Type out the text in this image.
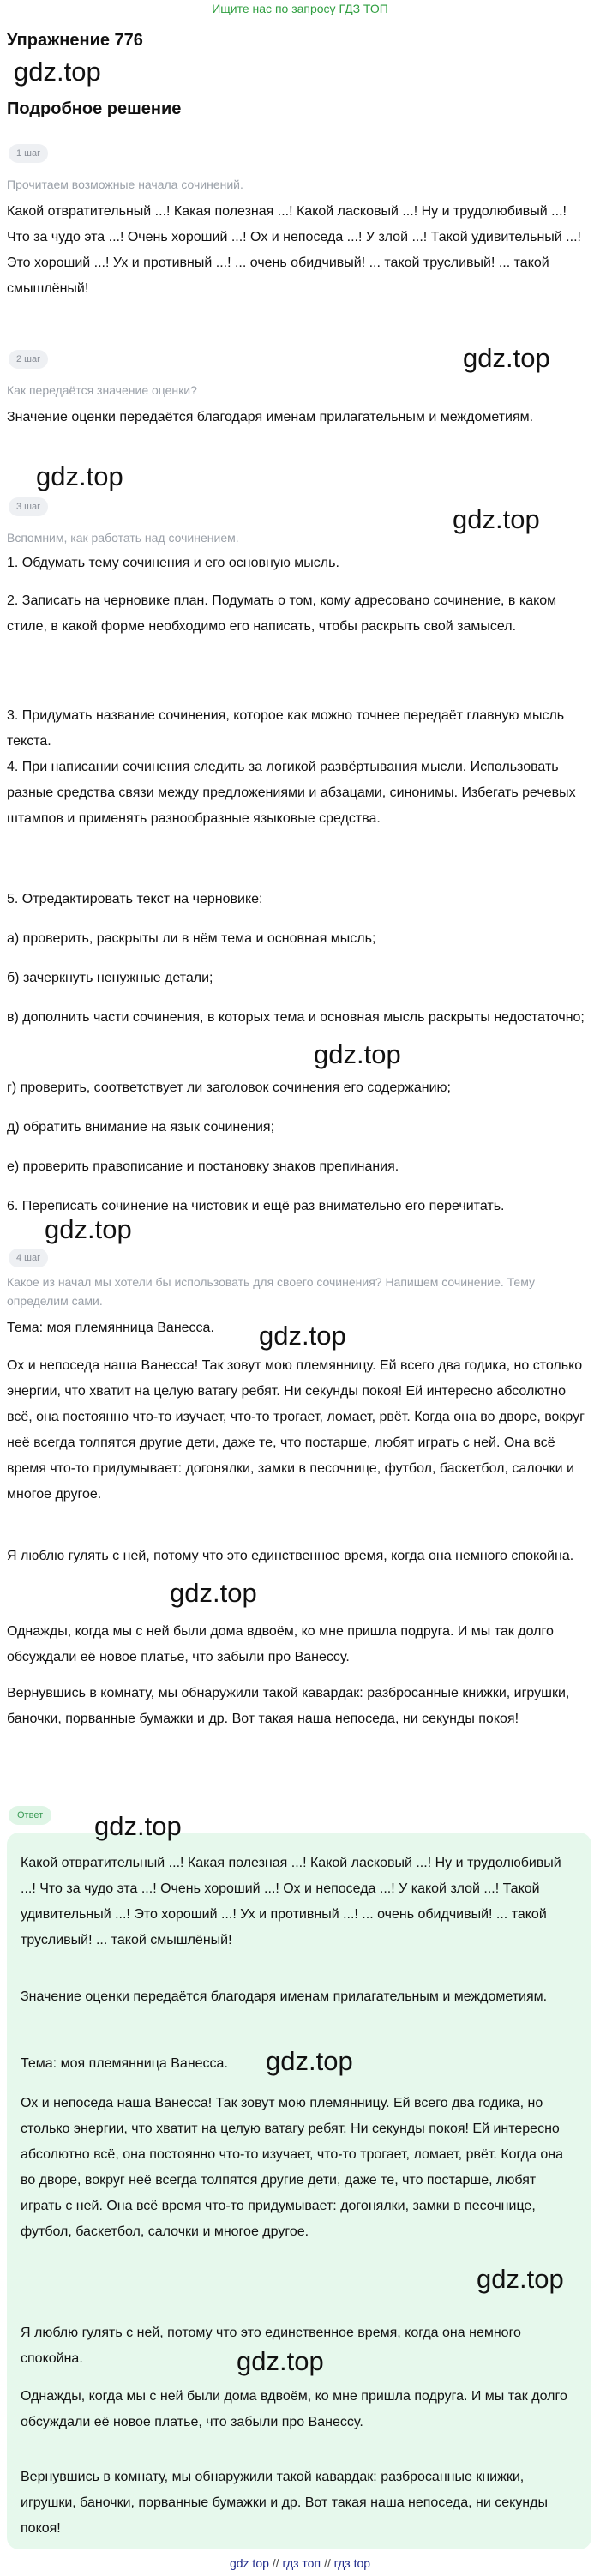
Ищите нас по запросу ГДЗ ТОП
Упражнение 776
gdz.top
Подробное решение
1 шаг
Прочитаем возможные начала сочинений.
Какой отвратительный ...! Какая полезная ...! Какой ласковый ...! Ну и трудолюбивый ...! Что за чудо эта ...! Очень хороший ...! Ох и непоседа ...! У злой ...! Такой удивительный ...! Это хороший ...! Ух и противный ...! ... очень обидчивый! ... такой трусливый! ... такой смышлёный!
2 шаг	gdz.top
Как передаётся значение оценки?
Значение оценки передаётся благодаря именам прилагательным и междометиям.
gdz.top
3 шаг	gdz.top
Вспомним, как работать над сочинением.
1. Обдумать тему сочинения и его основную мысль.
2. Записать на черновике план. Подумать о том, кому адресовано сочинение, в каком стиле, в какой форме необходимо его написать, чтобы раскрыть свой замысел.
3. Придумать название сочинения, которое как можно точнее передаёт главную мысль текста.
4. При написании сочинения следить за логикой развёртывания мысли. Использовать разные средства связи между предложениями и абзацами, синонимы. Избегать речевых штампов и применять разнообразные языковые средства.
5. Отредактировать текст на черновике:
а) проверить, раскрыты ли в нём тема и основная мысль;
б) зачеркнуть ненужные детали;
в) дополнить части сочинения, в которых тема и основная мысль раскрыты недостаточно;
gdz.top
г) проверить, соответствует ли заголовок сочинения его содержанию;
д) обратить внимание на язык сочинения;
е) проверить правописание и постановку знаков препинания.
6. Переписать сочинение на чистовик и ещё раз внимательно его перечитать.
gdz.top
4 шаг
Какое из начал мы хотели бы использовать для своего сочинения? Напишем сочинение. Тему определим сами.
Тема: моя племянница Ванесса.	gdz.top
Ох и непоседа наша Ванесса! Так зовут мою племянницу. Ей всего два годика, но столько энергии, что хватит на целую ватагу ребят. Ни секунды покоя! Ей интересно абсолютно всё, она постоянно что-то изучает, что-то трогает, ломает, рвёт. Когда она во дворе, вокруг неё всегда толпятся другие дети, даже те, что постарше, любят играть с ней. Она всё время что-то придумывает: догонялки, замки в песочнице, футбол, баскетбол, салочки и многое другое.
Я люблю гулять с ней, потому что это единственное время, когда она немного спокойна.
gdz.top
Однажды, когда мы с ней были дома вдвоём, ко мне пришла подруга. И мы так долго обсуждали её новое платье, что забыли про Ванессу.
Вернувшись в комнату, мы обнаружили такой кавардак: разбросанные книжки, игрушки, баночки, порванные бумажки и др. Вот такая наша непоседа, ни секунды покоя!
Ответ	gdz.top
Какой отвратительный ...! Какая полезная ...! Какой ласковый ...! Ну и трудолюбивый ...! Что за чудо эта ...! Очень хороший ...! Ох и непоседа ...! У какой злой ...! Такой удивительный ...! Это хороший ...! Ух и противный ...! ... очень обидчивый! ... такой трусливый! ... такой смышлёный!
Значение оценки передаётся благодаря именам прилагательным и междометиям.
Тема: моя племянница Ванесса.	gdz.top
Ох и непоседа наша Ванесса! Так зовут мою племянницу. Ей всего два годика, но столько энергии, что хватит на целую ватагу ребят. Ни секунды покоя! Ей интересно абсолютно всё, она постоянно что-то изучает, что-то трогает, ломает, рвёт. Когда она во дворе, вокруг неё всегда толпятся другие дети, даже те, что постарше, любят играть с ней. Она всё время что-то придумывает: догонялки, замки в песочнице, футбол, баскетбол, салочки и многое другое.
gdz.top
Я люблю гулять с ней, потому что это единственное время, когда она немного спокойна.	gdz.top
Однажды, когда мы с ней были дома вдвоём, ко мне пришла подруга. И мы так долго обсуждали её новое платье, что забыли про Ванессу.
Вернувшись в комнату, мы обнаружили такой кавардак: разбросанные книжки, игрушки, баночки, порванные бумажки и др. Вот такая наша непоседа, ни секунды покоя!
gdz top // гдз топ // гдз top
